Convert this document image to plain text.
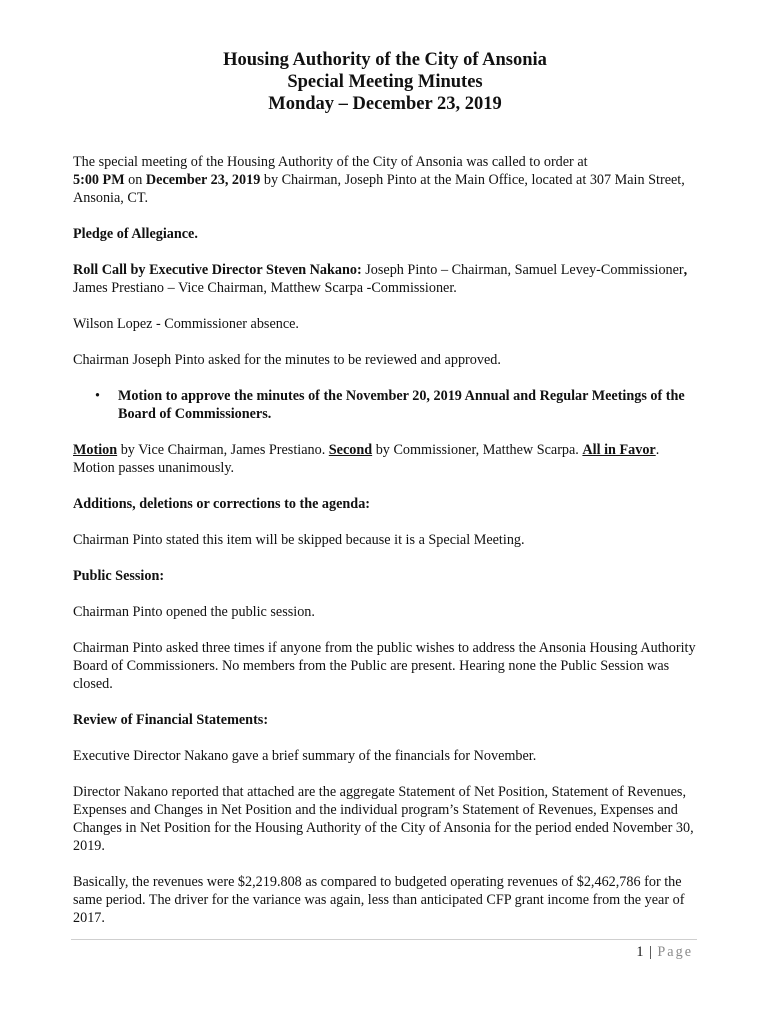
Housing Authority of the City of Ansonia
Special Meeting Minutes
Monday – December 23, 2019

The special meeting of the Housing Authority of the City of Ansonia was called to order at
5:00 PM on December 23, 2019 by Chairman, Joseph Pinto at the Main Office, located at 307 Main Street, Ansonia, CT.

Pledge of Allegiance.

Roll Call by Executive Director Steven Nakano: Joseph Pinto – Chairman, Samuel Levey-Commissioner, James Prestiano – Vice Chairman, Matthew Scarpa -Commissioner.

Wilson Lopez - Commissioner absence.

Chairman Joseph Pinto asked for the minutes to be reviewed and approved.

• Motion to approve the minutes of the November 20, 2019 Annual and Regular Meetings of the Board of Commissioners.

Motion by Vice Chairman, James Prestiano. Second by Commissioner, Matthew Scarpa. All in Favor. Motion passes unanimously.

Additions, deletions or corrections to the agenda:

Chairman Pinto stated this item will be skipped because it is a Special Meeting.

Public Session:

Chairman Pinto opened the public session.

Chairman Pinto asked three times if anyone from the public wishes to address the Ansonia Housing Authority Board of Commissioners. No members from the Public are present. Hearing none the Public Session was closed.

Review of Financial Statements:

Executive Director Nakano gave a brief summary of the financials for November.

Director Nakano reported that attached are the aggregate Statement of Net Position, Statement of Revenues, Expenses and Changes in Net Position and the individual program’s Statement of Revenues, Expenses and Changes in Net Position for the Housing Authority of the City of Ansonia for the period ended November 30, 2019.

Basically, the revenues were $2,219.808 as compared to budgeted operating revenues of $2,462,786 for the same period. The driver for the variance was again, less than anticipated CFP grant income from the year of 2017.

1 | Page
